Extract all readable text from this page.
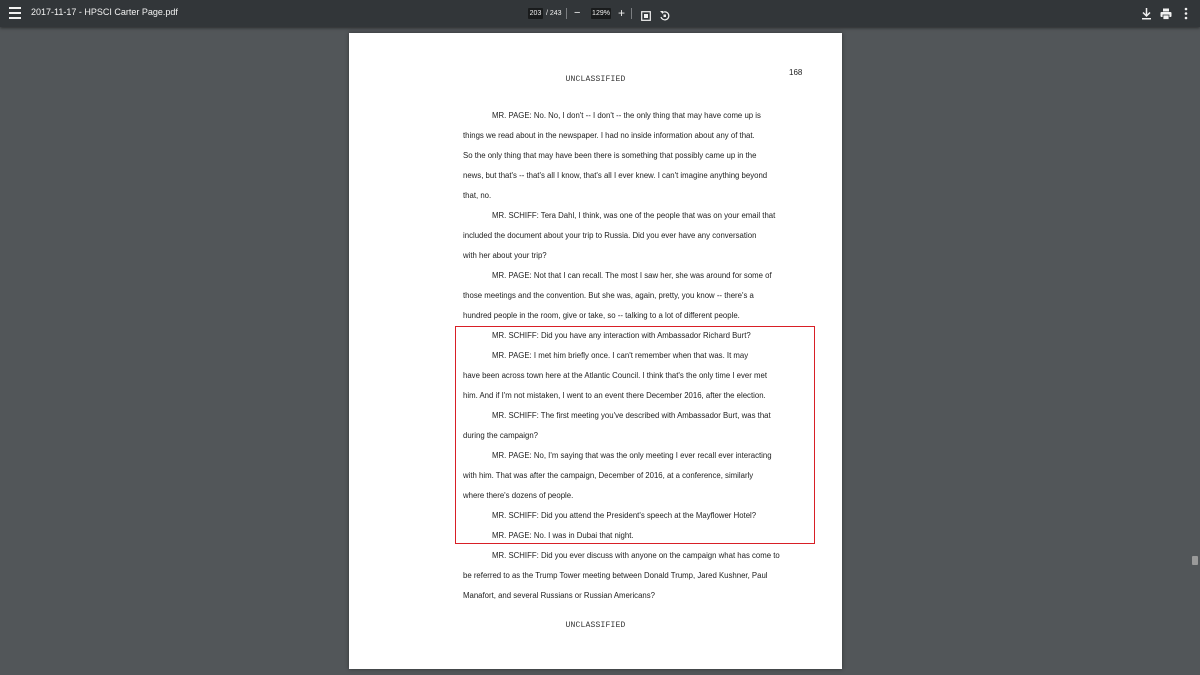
2017-11-17 - HPSCI Carter Page.pdf	203 / 243 − 129% +
168
UNCLASSIFIED
MR. PAGE: No. No, I don't -- I don't -- the only thing that may have come up is
things we read about in the newspaper. I had no inside information about any of that.
So the only thing that may have been there is something that possibly came up in the
news, but that's -- that's all I know, that's all I ever knew. I can't imagine anything beyond
that, no.
MR. SCHIFF: Tera Dahl, I think, was one of the people that was on your email that
included the document about your trip to Russia. Did you ever have any conversation
with her about your trip?
MR. PAGE: Not that I can recall. The most I saw her, she was around for some of
those meetings and the convention. But she was, again, pretty, you know -- there's a
hundred people in the room, give or take, so -- talking to a lot of different people.
MR. SCHIFF: Did you have any interaction with Ambassador Richard Burt?
MR. PAGE: I met him briefly once. I can't remember when that was. It may
have been across town here at the Atlantic Council. I think that's the only time I ever met
him. And if I'm not mistaken, I went to an event there December 2016, after the election.
MR. SCHIFF: The first meeting you've described with Ambassador Burt, was that
during the campaign?
MR. PAGE: No, I'm saying that was the only meeting I ever recall ever interacting
with him. That was after the campaign, December of 2016, at a conference, similarly
where there's dozens of people.
MR. SCHIFF: Did you attend the President's speech at the Mayflower Hotel?
MR. PAGE: No. I was in Dubai that night.
MR. SCHIFF: Did you ever discuss with anyone on the campaign what has come to
be referred to as the Trump Tower meeting between Donald Trump, Jared Kushner, Paul
Manafort, and several Russians or Russian Americans?
UNCLASSIFIED
